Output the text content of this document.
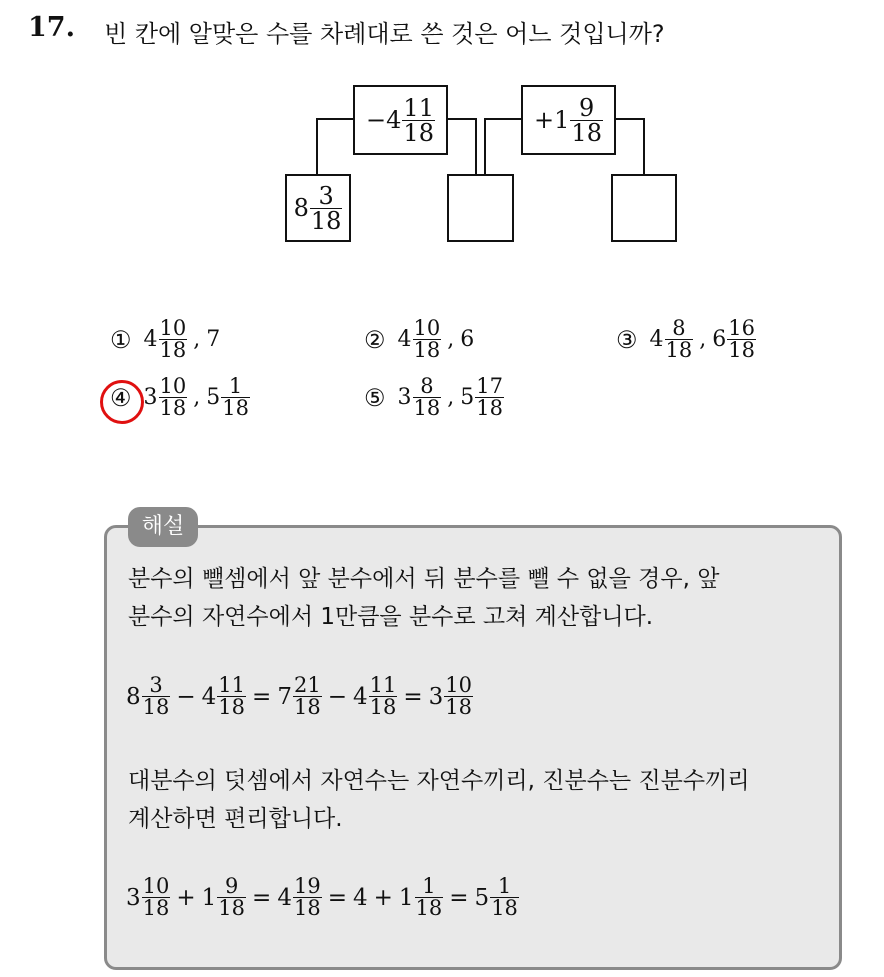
17. 빈 칸에 알맞은 수를 차례대로 쓴 것은 어느 것입니까?
− $4 \frac{11}{18}$	+ $1 \frac{9}{18}$
$8 \frac{3}{18}$
① $4 \frac{10}{18}$ , 7	② $4 \frac{10}{18}$ , 6	③ $4 \frac{8}{18}$ , $6 \frac{16}{18}$
④ $3 \frac{10}{18}$ , $5 \frac{1}{18}$	⑤ $3 \frac{8}{18}$ , $5 \frac{17}{18}$
해설
분수의 뺄셈에서 앞 분수에서 뒤 분수를 뺄 수 없을 경우, 앞
분수의 자연수에서 1만큼을 분수로 고쳐 계산합니다.
$8 \frac{3}{18} - 4 \frac{11}{18} = 7 \frac{21}{18} - 4 \frac{11}{18} = 3 \frac{10}{18}$
대분수의 덧셈에서 자연수는 자연수끼리, 진분수는 진분수끼리
계산하면 편리합니다.
$3 \frac{10}{18} + 1 \frac{9}{18} = 4 \frac{19}{18} = 4 + 1 \frac{1}{18} = 5 \frac{1}{18}$
